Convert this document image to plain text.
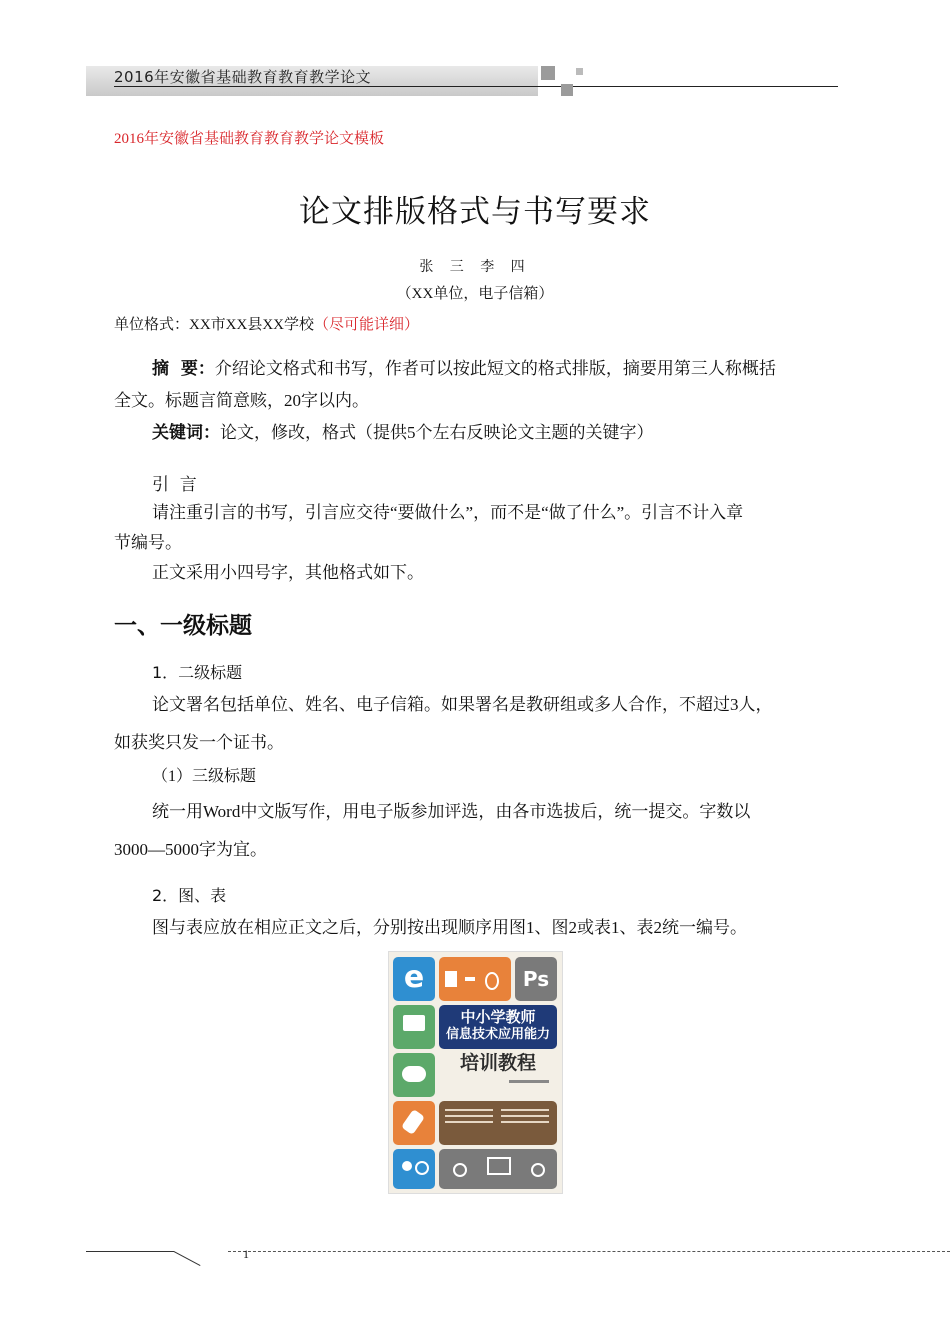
2016年安徽省基础教育教育教学论文
2016年安徽省基础教育教育教学论文模板
论文排版格式与书写要求
张 三 李 四
（XX单位，电子信箱）
单位格式：XX市XX县XX学校（尽可能详细）
摘  要：介绍论文格式和书写，作者可以按此短文的格式排版，摘要用第三人称概括
全文。标题言简意赅，20字以内。
关键词：论文，修改，格式（提供5个左右反映论文主题的关键字）
引  言
请注重引言的书写，引言应交待“要做什么”，而不是“做了什么”。引言不计入章
节编号。
正文采用小四号字，其他格式如下。
一、一级标题
1．二级标题
论文署名包括单位、姓名、电子信箱。如果署名是教研组或多人合作，不超过3人，
如获奖只发一个证书。
（1）三级标题
统一用Word中文版写作，用电子版参加评选，由各市选拔后，统一提交。字数以
3000—5000字为宜。
2．图、表
图与表应放在相应正文之后，分别按出现顺序用图1、图2或表1、表2统一编号。
e	Ps
中小学教师
信息技术应用能力
培训教程
1
